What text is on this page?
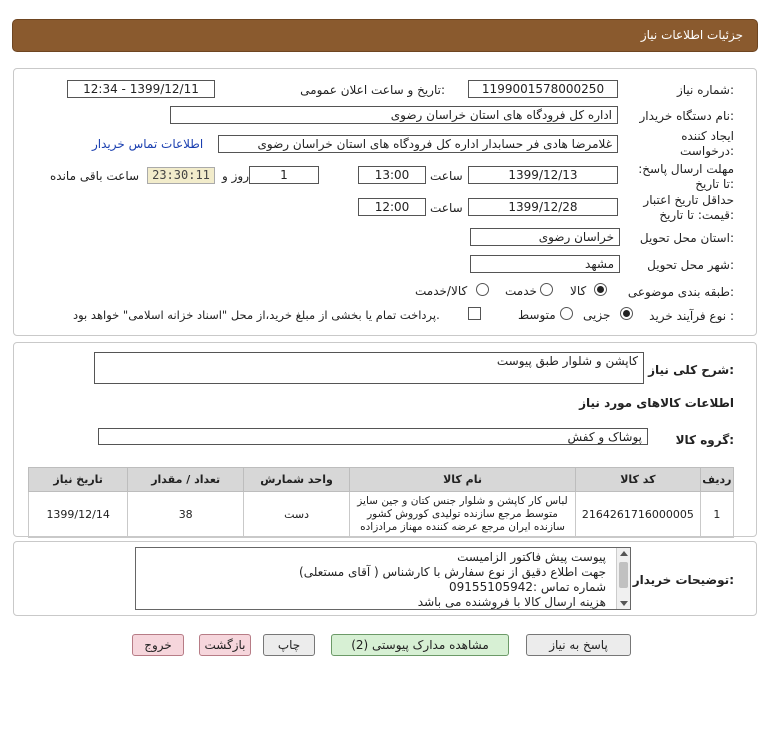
جزئیات اطلاعات نیاز
شماره نیاز:
1199001578000250
تاریخ و ساعت اعلان عمومی:
1399/12/11 - 12:34
نام دستگاه خریدار:
اداره کل فرودگاه های استان خراسان رضوی
ایجاد کننده درخواست:
غلامرضا هادی فر حسابدار اداره کل فرودگاه های استان خراسان رضوی
اطلاعات تماس خریدار
مهلت ارسال پاسخ: تا تاریخ:
1399/12/13
ساعت
13:00
1
روز و
23:30:11
ساعت باقی مانده
حداقل تاریخ اعتبار قیمت: تا تاریخ:
1399/12/28
ساعت
12:00
استان محل تحویل:
خراسان رضوی
شهر محل تحویل:
مشهد
طبقه بندی موضوعی:
کالا
خدمت
کالا/خدمت
نوع فرآیند خرید :
جزیی
متوسط
پرداخت تمام یا بخشی از مبلغ خرید،از محل "اسناد خزانه اسلامی" خواهد بود.
شرح کلی نیاز:
کاپشن و شلوار طبق پیوست
اطلاعات کالاهای مورد نیاز
گروه کالا:
پوشاک و کفش
ردیف	کد کالا	نام کالا	واحد شمارش	تعداد / مقدار	تاریخ نیاز
1	2164261716000005	لباس کار کاپشن و شلوار جنس کتان و جین سایز متوسط مرجع سازنده تولیدی کوروش کشور سازنده ایران مرجع عرضه کننده مهناز مرادزاده	دست	38	1399/12/14
توضیحات خریدار:
پیوست پیش فاکتور الزامیست
جهت اطلاع دقیق از نوع سفارش با کارشناس ( آقای مستعلی)
شماره تماس :09155105942
هزینه ارسال کالا با فروشنده می باشد
پاسخ به نیاز
مشاهده مدارک پیوستی (2)
چاپ
بازگشت
خروج
